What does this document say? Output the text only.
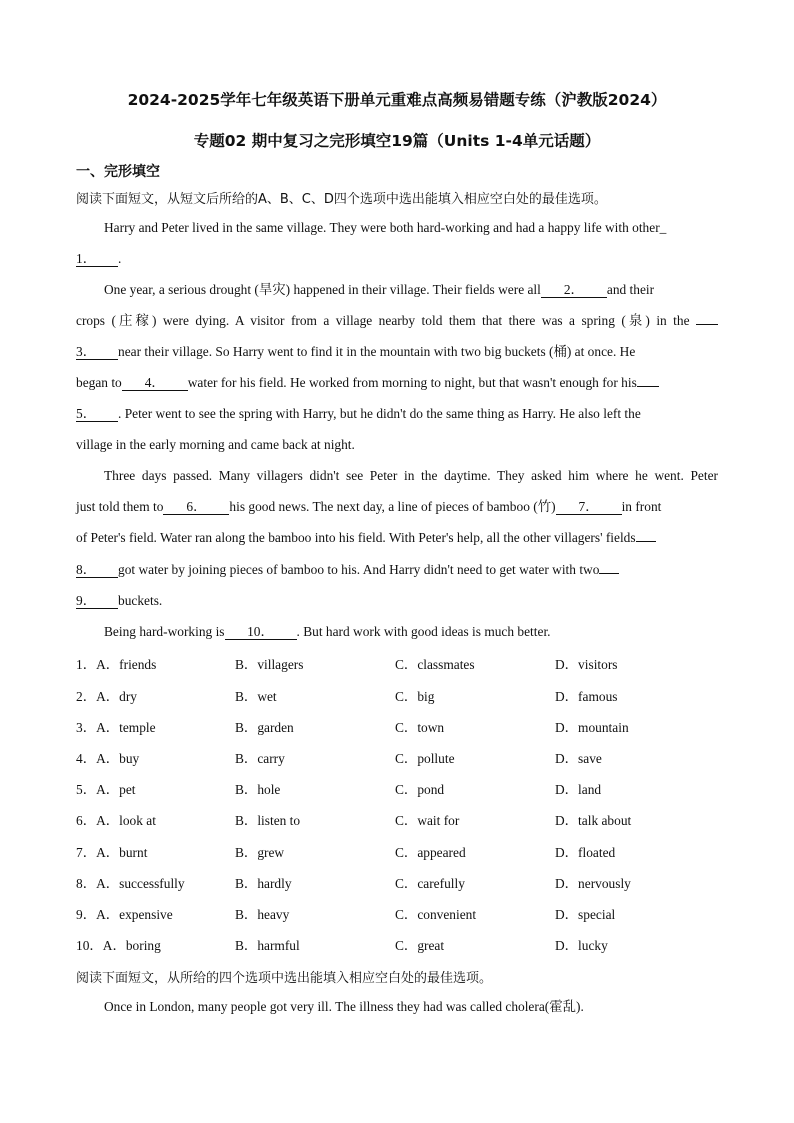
2024-2025学年七年级英语下册单元重难点高频易错题专练（沪教版2024）
专题02 期中复习之完形填空19篇（Units 1-4单元话题）
一、完形填空
阅读下面短文，从短文后所给的A、B、C、D四个选项中选出能填入相应空白处的最佳选项。
Harry and Peter lived in the same village. They were both hard-working and had a happy life with other_
1． .
One year, a serious drought (旱灾) happened in their village. Their fields were all 2． and their
crops (庄稼) were dying. A visitor from a village nearby told them that there was a spring (泉) in the
3． near their village. So Harry went to find it in the mountain with two big buckets (桶) at once. He
began to 4． water for his field. He worked from morning to night, but that wasn't enough for his
5． . Peter went to see the spring with Harry, but he didn't do the same thing as Harry. He also left the
village in the early morning and came back at night.
Three days passed. Many villagers didn't see Peter in the daytime. They asked him where he went. Peter
just told them to 6． his good news. The next day, a line of pieces of bamboo (竹) 7． in front
of Peter's field. Water ran along the bamboo into his field. With Peter's help, all the other villagers' fields
8． got water by joining pieces of bamboo to his. And Harry didn't need to get water with two
9． buckets.
Being hard-working is 10． . But hard work with good ideas is much better.
1．A．friends	B．villagers	C．classmates	D．visitors
2．A．dry	B．wet	C．big	D．famous
3．A．temple	B．garden	C．town	D．mountain
4．A．buy	B．carry	C．pollute	D．save
5．A．pet	B．hole	C．pond	D．land
6．A．look at	B．listen to	C．wait for	D．talk about
7．A．burnt	B．grew	C．appeared	D．floated
8．A．successfully	B．hardly	C．carefully	D．nervously
9．A．expensive	B．heavy	C．convenient	D．special
10．A．boring	B．harmful	C．great	D．lucky
阅读下面短文，从所给的四个选项中选出能填入相应空白处的最佳选项。
Once in London, many people got very ill. The illness they had was called cholera(霍乱).
